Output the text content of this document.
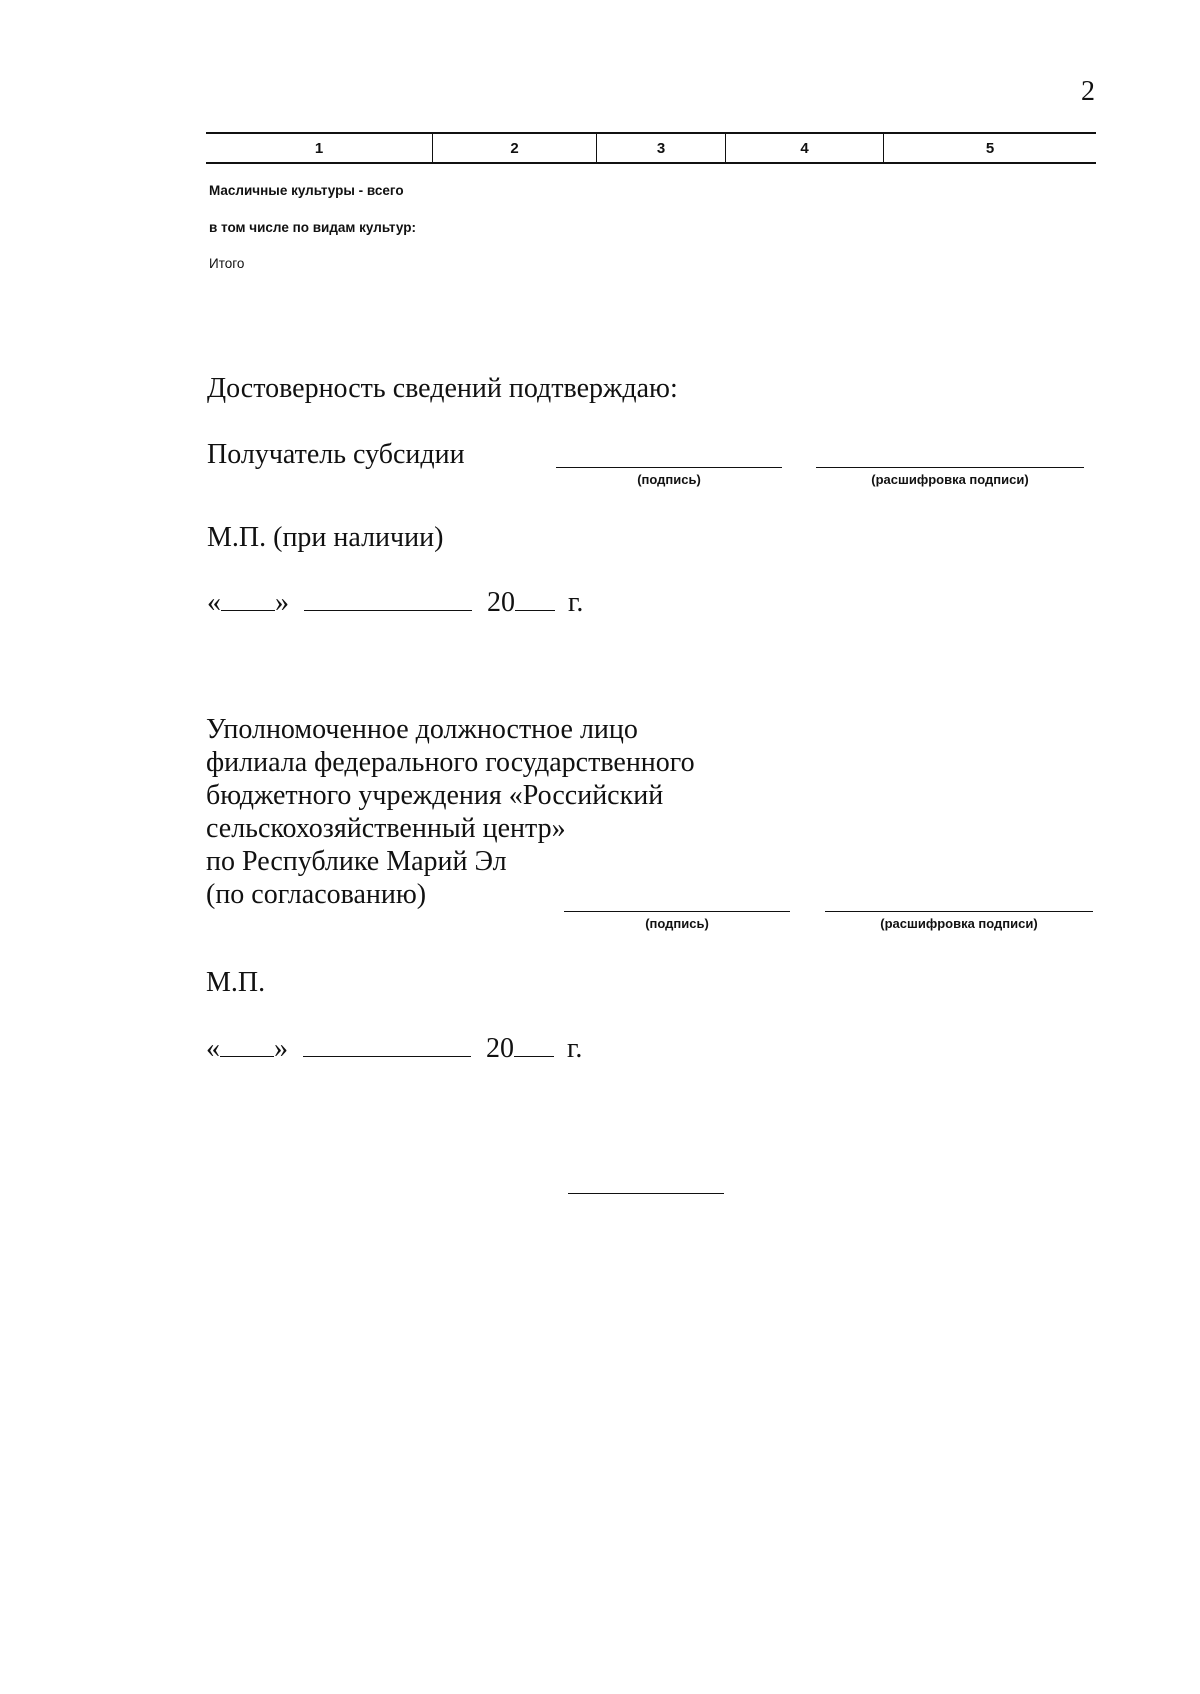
2
1	2	3	4	5
Масличные культуры - всего
в том числе по видам культур:
Итого
Достоверность сведений подтверждаю:
Получатель субсидии
(подпись)	(расшифровка подписи)
М.П. (при наличии)
« »	20 г.
Уполномоченное должностное лицо
филиала федерального государственного
бюджетного учреждения «Российский
сельскохозяйственный центр»
по Республике Марий Эл
(по согласованию)
(подпись)	(расшифровка подписи)
М.П.
« »	20 г.
